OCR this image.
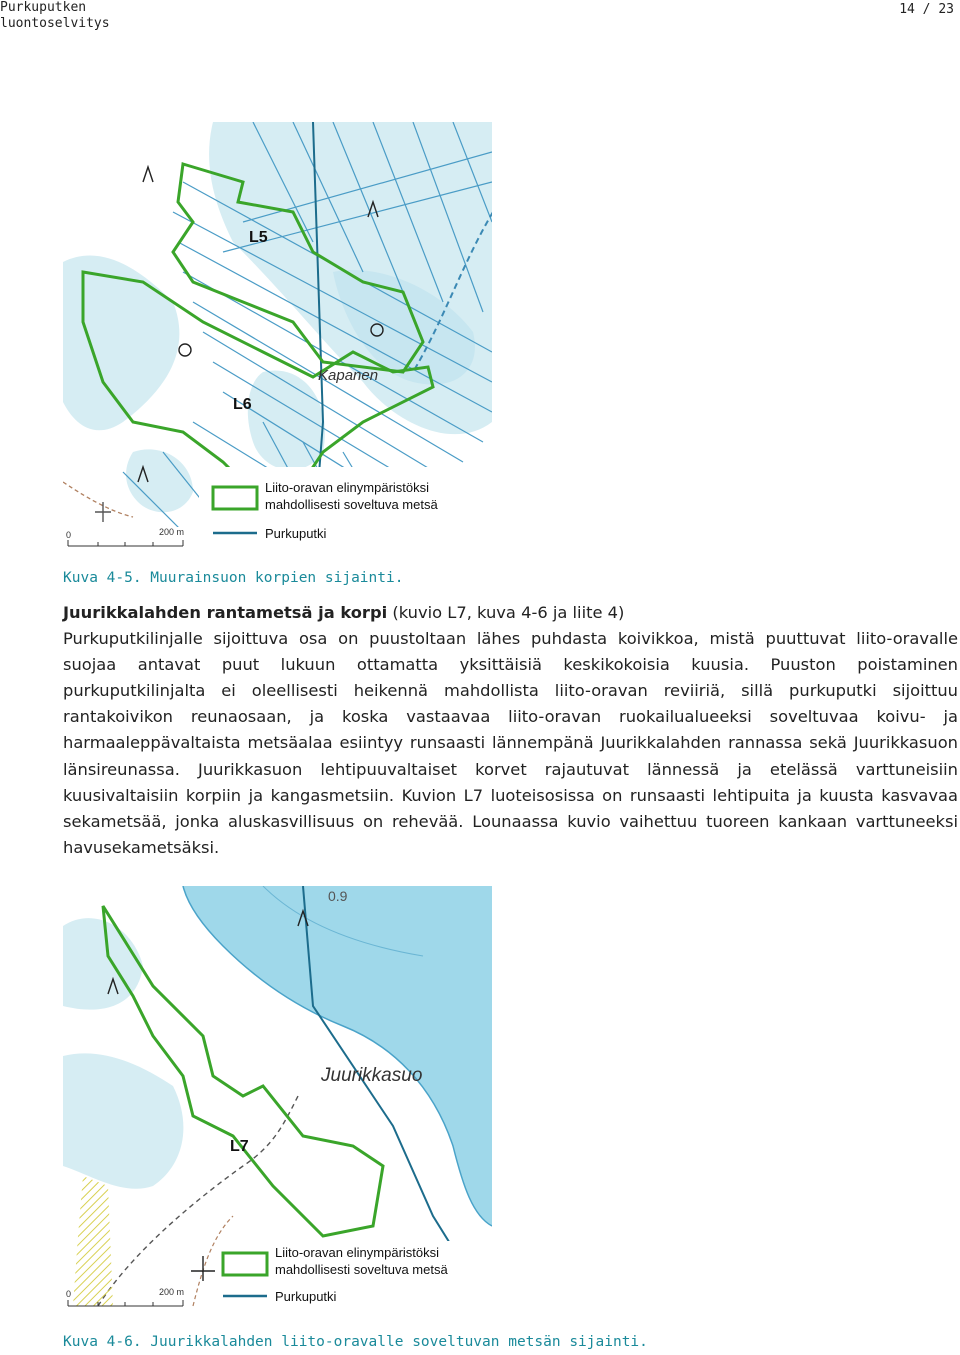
Purkuputken
luontoselvitys
14 / 23
L5
L6
Kapanen
Liito-oravan elinympäristöksi
mahdollisesti soveltuva metsä
Purkuputki
0	200 m
Kuva 4-5. Muurainsuon korpien sijainti.
Juurikkalahden rantametsä ja korpi (kuvio L7, kuva 4-6 ja liite 4)
Purkuputkilinjalle sijoittuva osa on puustoltaan lähes puhdasta koivikkoa, mistä puuttuvat liito-oravalle suojaa antavat puut lukuun ottamatta yksittäisiä keskikokoisia kuusia. Puuston poistaminen purkuputkilinjalta ei oleellisesti heikennä mahdollista liito-oravan reviiriä, sillä purkuputki sijoittuu rantakoivikon reunaosaan, ja koska vastaavaa liito-oravan ruokailualueeksi soveltuvaa koivu- ja harmaaleppävaltaista metsäalaa esiintyy runsaasti lännempänä Juurikkalahden rannassa sekä Juurikkasuon länsireunassa. Juurikkasuon lehtipuuvaltaiset korvet rajautuvat lännessä ja etelässä varttuneisiin kuusivaltaisiin korpiin ja kangasmetsiin. Kuvion L7 luoteisosissa on runsaasti lehtipuita ja kuusta kasvavaa sekametsää, jonka aluskasvillisuus on rehevää. Lounaassa kuvio vaihettuu tuoreen kankaan varttuneeksi havusekametsäksi.
0.9
Juurikkasuo
L7
Liito-oravan elinympäristöksi
mahdollisesti soveltuva metsä
Purkuputki
0	200 m
Kuva 4-6. Juurikkalahden liito-oravalle soveltuvan metsän sijainti.
